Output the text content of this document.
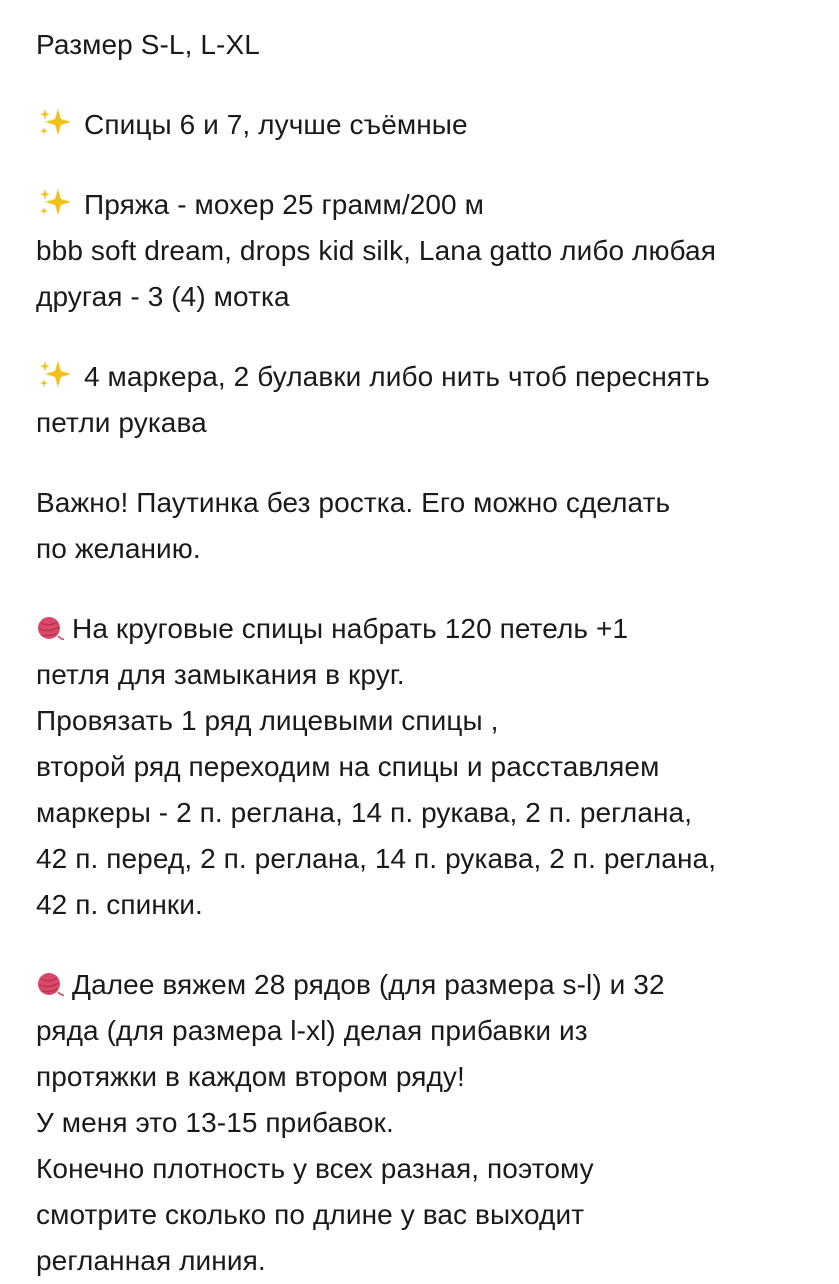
Размер S-L, L-XL

Спицы 6 и 7, лучше съёмные

Пряжа - мохер 25 грамм/200 м
bbb soft dream, drops kid silk, Lana gatto либо любая
другая - 3 (4) мотка

4 маркера, 2 булавки либо нить чтоб переснять
петли рукава

Важно! Паутинка без ростка. Его можно сделать
по желанию.

На круговые спицы набрать 120 петель +1
петля для замыкания в круг.
Провязать 1 ряд лицевыми спицы ,
второй ряд переходим на спицы и расставляем
маркеры - 2 п. реглана, 14 п. рукава, 2 п. реглана,
42 п. перед, 2 п. реглана, 14 п. рукава, 2 п. реглана,
42 п. спинки.

Далее вяжем 28 рядов (для размера s-l) и 32
ряда (для размера l-xl) делая прибавки из
протяжки в каждом втором ряду!
У меня это 13-15 прибавок.
Конечно плотность у всех разная, поэтому
смотрите сколько по длине у вас выходит
регланная линия.
